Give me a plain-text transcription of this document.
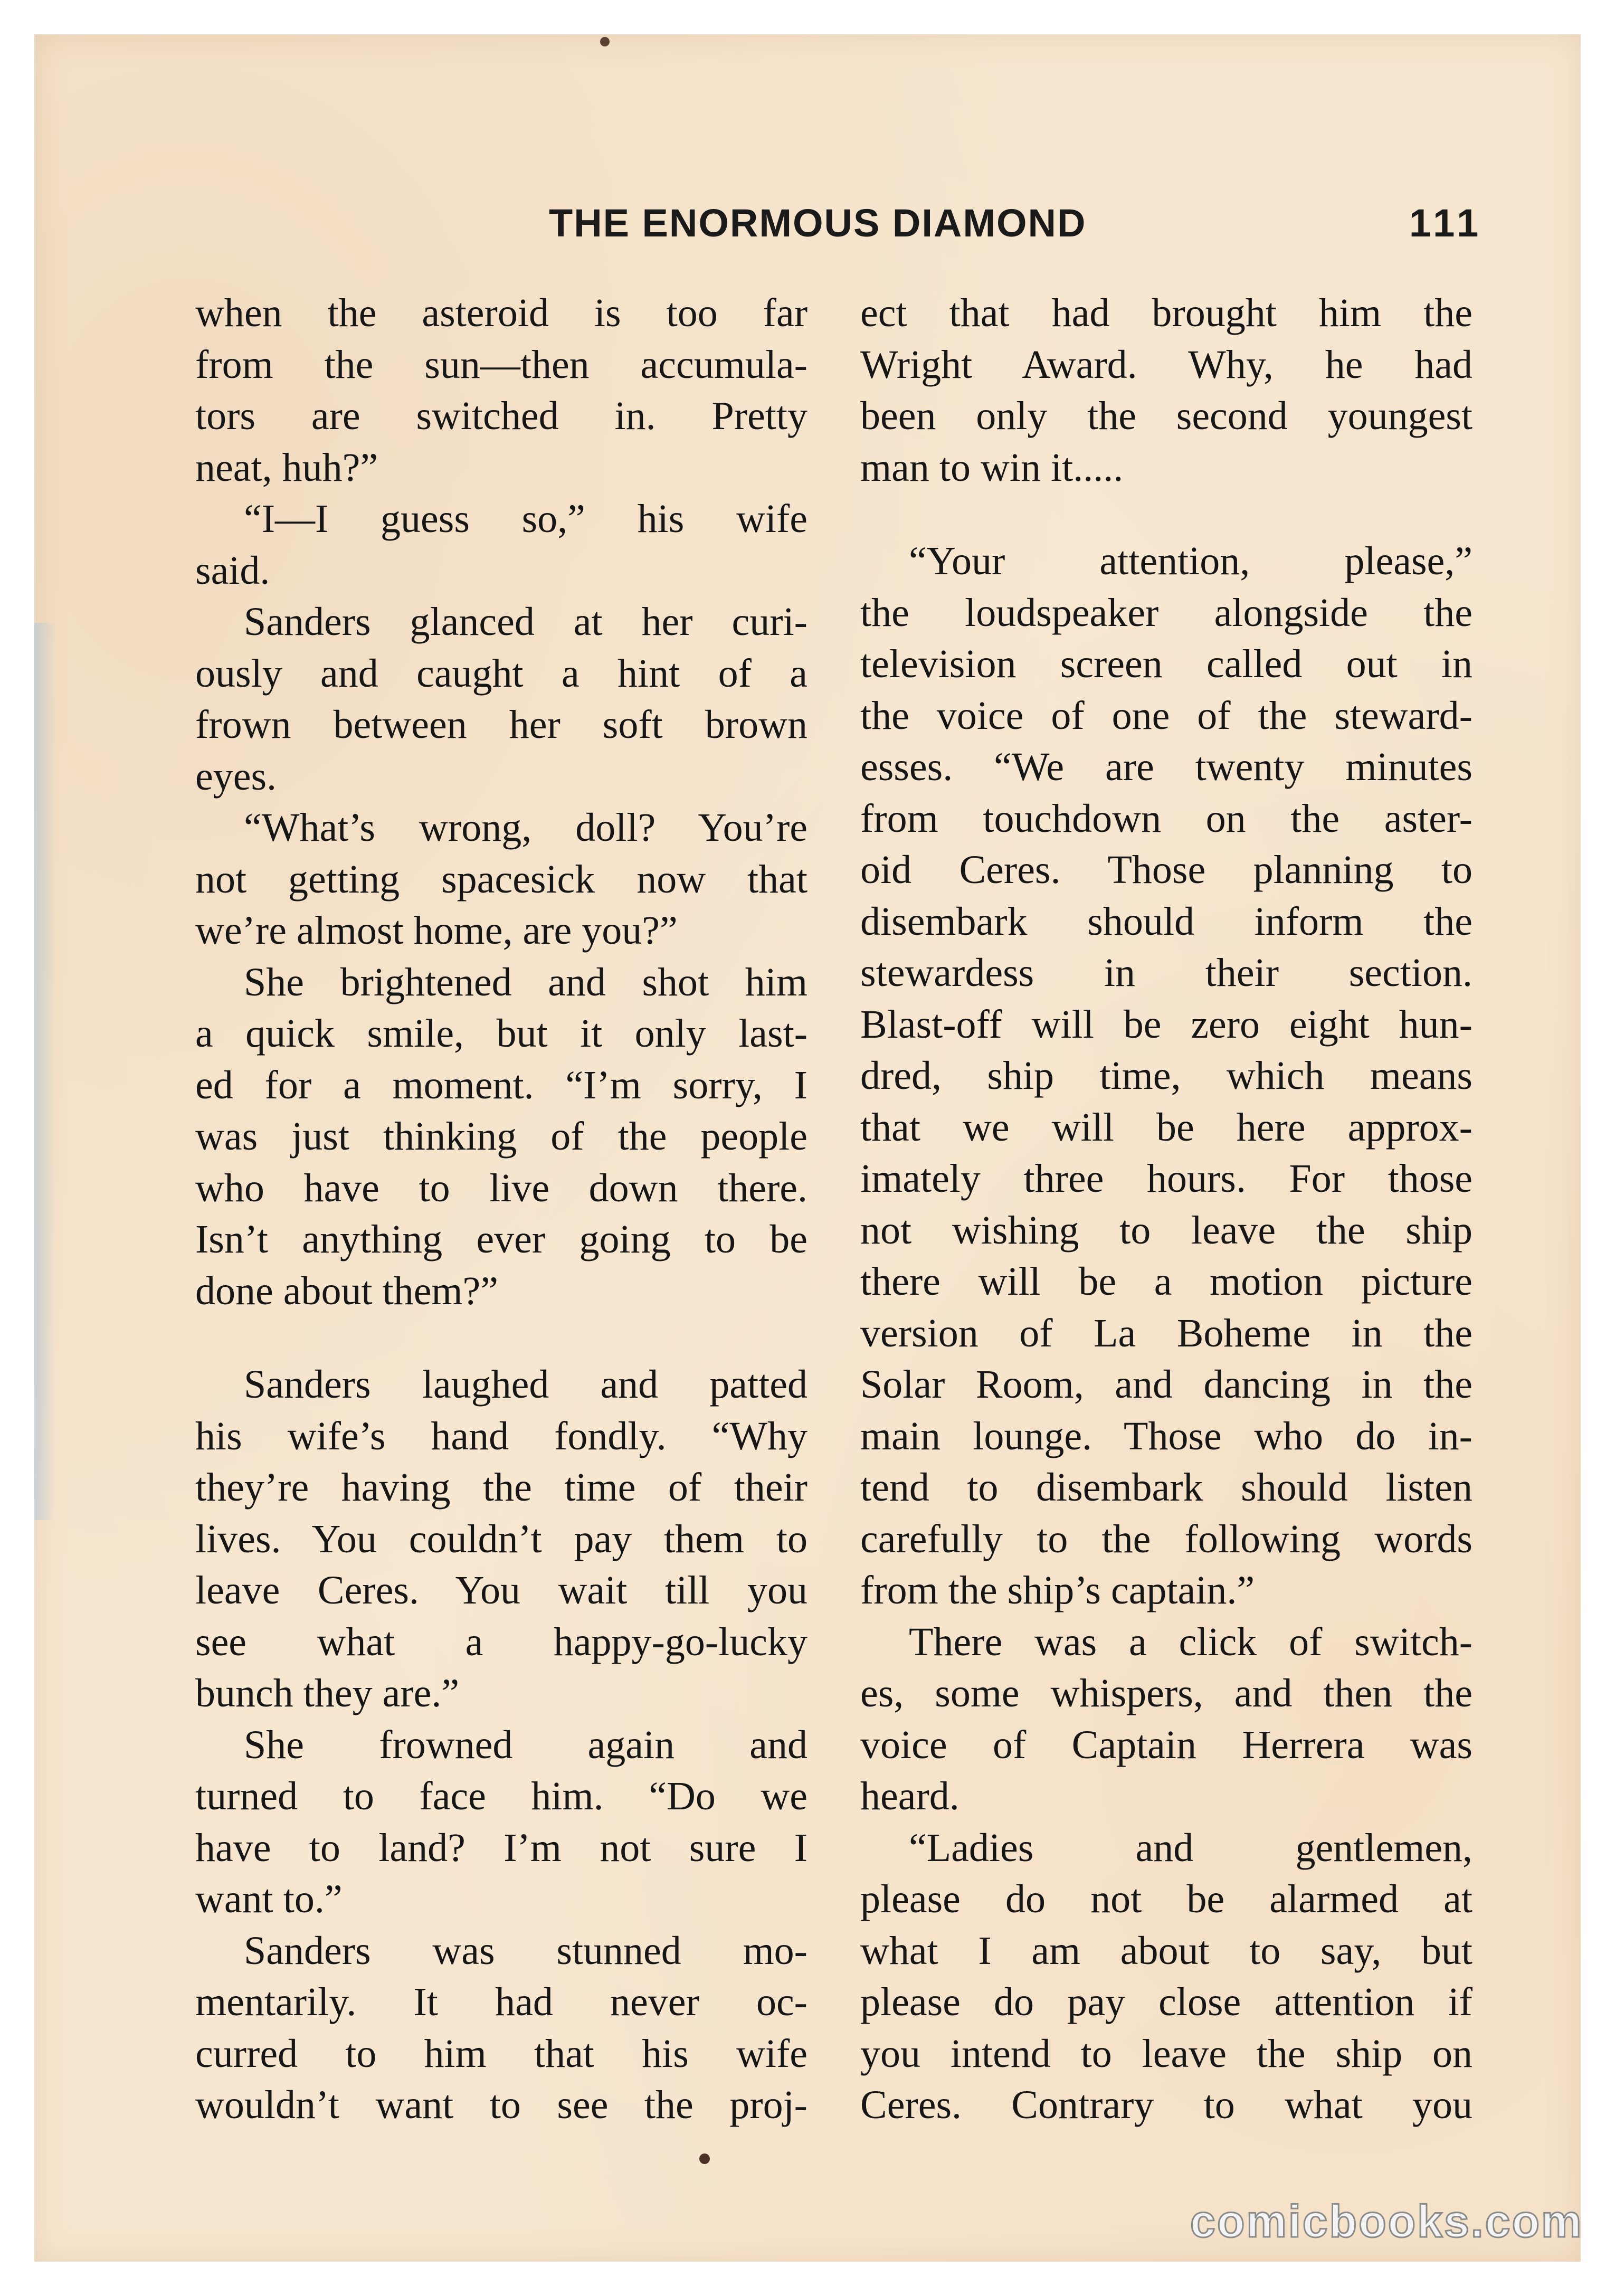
THE ENORMOUS DIAMOND	111
when the asteroid is too far
from the sun—then accumula-
tors are switched in. Pretty
neat, huh?”
“I—I guess so,” his wife
said.
Sanders glanced at her curi-
ously and caught a hint of a
frown between her soft brown
eyes.
“What’s wrong, doll? You’re
not getting spacesick now that
we’re almost home, are you?”
She brightened and shot him
a quick smile, but it only last-
ed for a moment. “I’m sorry, I
was just thinking of the people
who have to live down there.
Isn’t anything ever going to be
done about them?”
Sanders laughed and patted
his wife’s hand fondly. “Why
they’re having the time of their
lives. You couldn’t pay them to
leave Ceres. You wait till you
see what a happy-go-lucky
bunch they are.”
She frowned again and
turned to face him. “Do we
have to land? I’m not sure I
want to.”
Sanders was stunned mo-
mentarily. It had never oc-
curred to him that his wife
wouldn’t want to see the proj-
ect that had brought him the
Wright Award. Why, he had
been only the second youngest
man to win it.....
“Your attention, please,”
the loudspeaker alongside the
television screen called out in
the voice of one of the steward-
esses. “We are twenty minutes
from touchdown on the aster-
oid Ceres. Those planning to
disembark should inform the
stewardess in their section.
Blast-off will be zero eight hun-
dred, ship time, which means
that we will be here approx-
imately three hours. For those
not wishing to leave the ship
there will be a motion picture
version of La Boheme in the
Solar Room, and dancing in the
main lounge. Those who do in-
tend to disembark should listen
carefully to the following words
from the ship’s captain.”
There was a click of switch-
es, some whispers, and then the
voice of Captain Herrera was
heard.
“Ladies and gentlemen,
please do not be alarmed at
what I am about to say, but
please do pay close attention if
you intend to leave the ship on
Ceres. Contrary to what you
comicbooks.com
